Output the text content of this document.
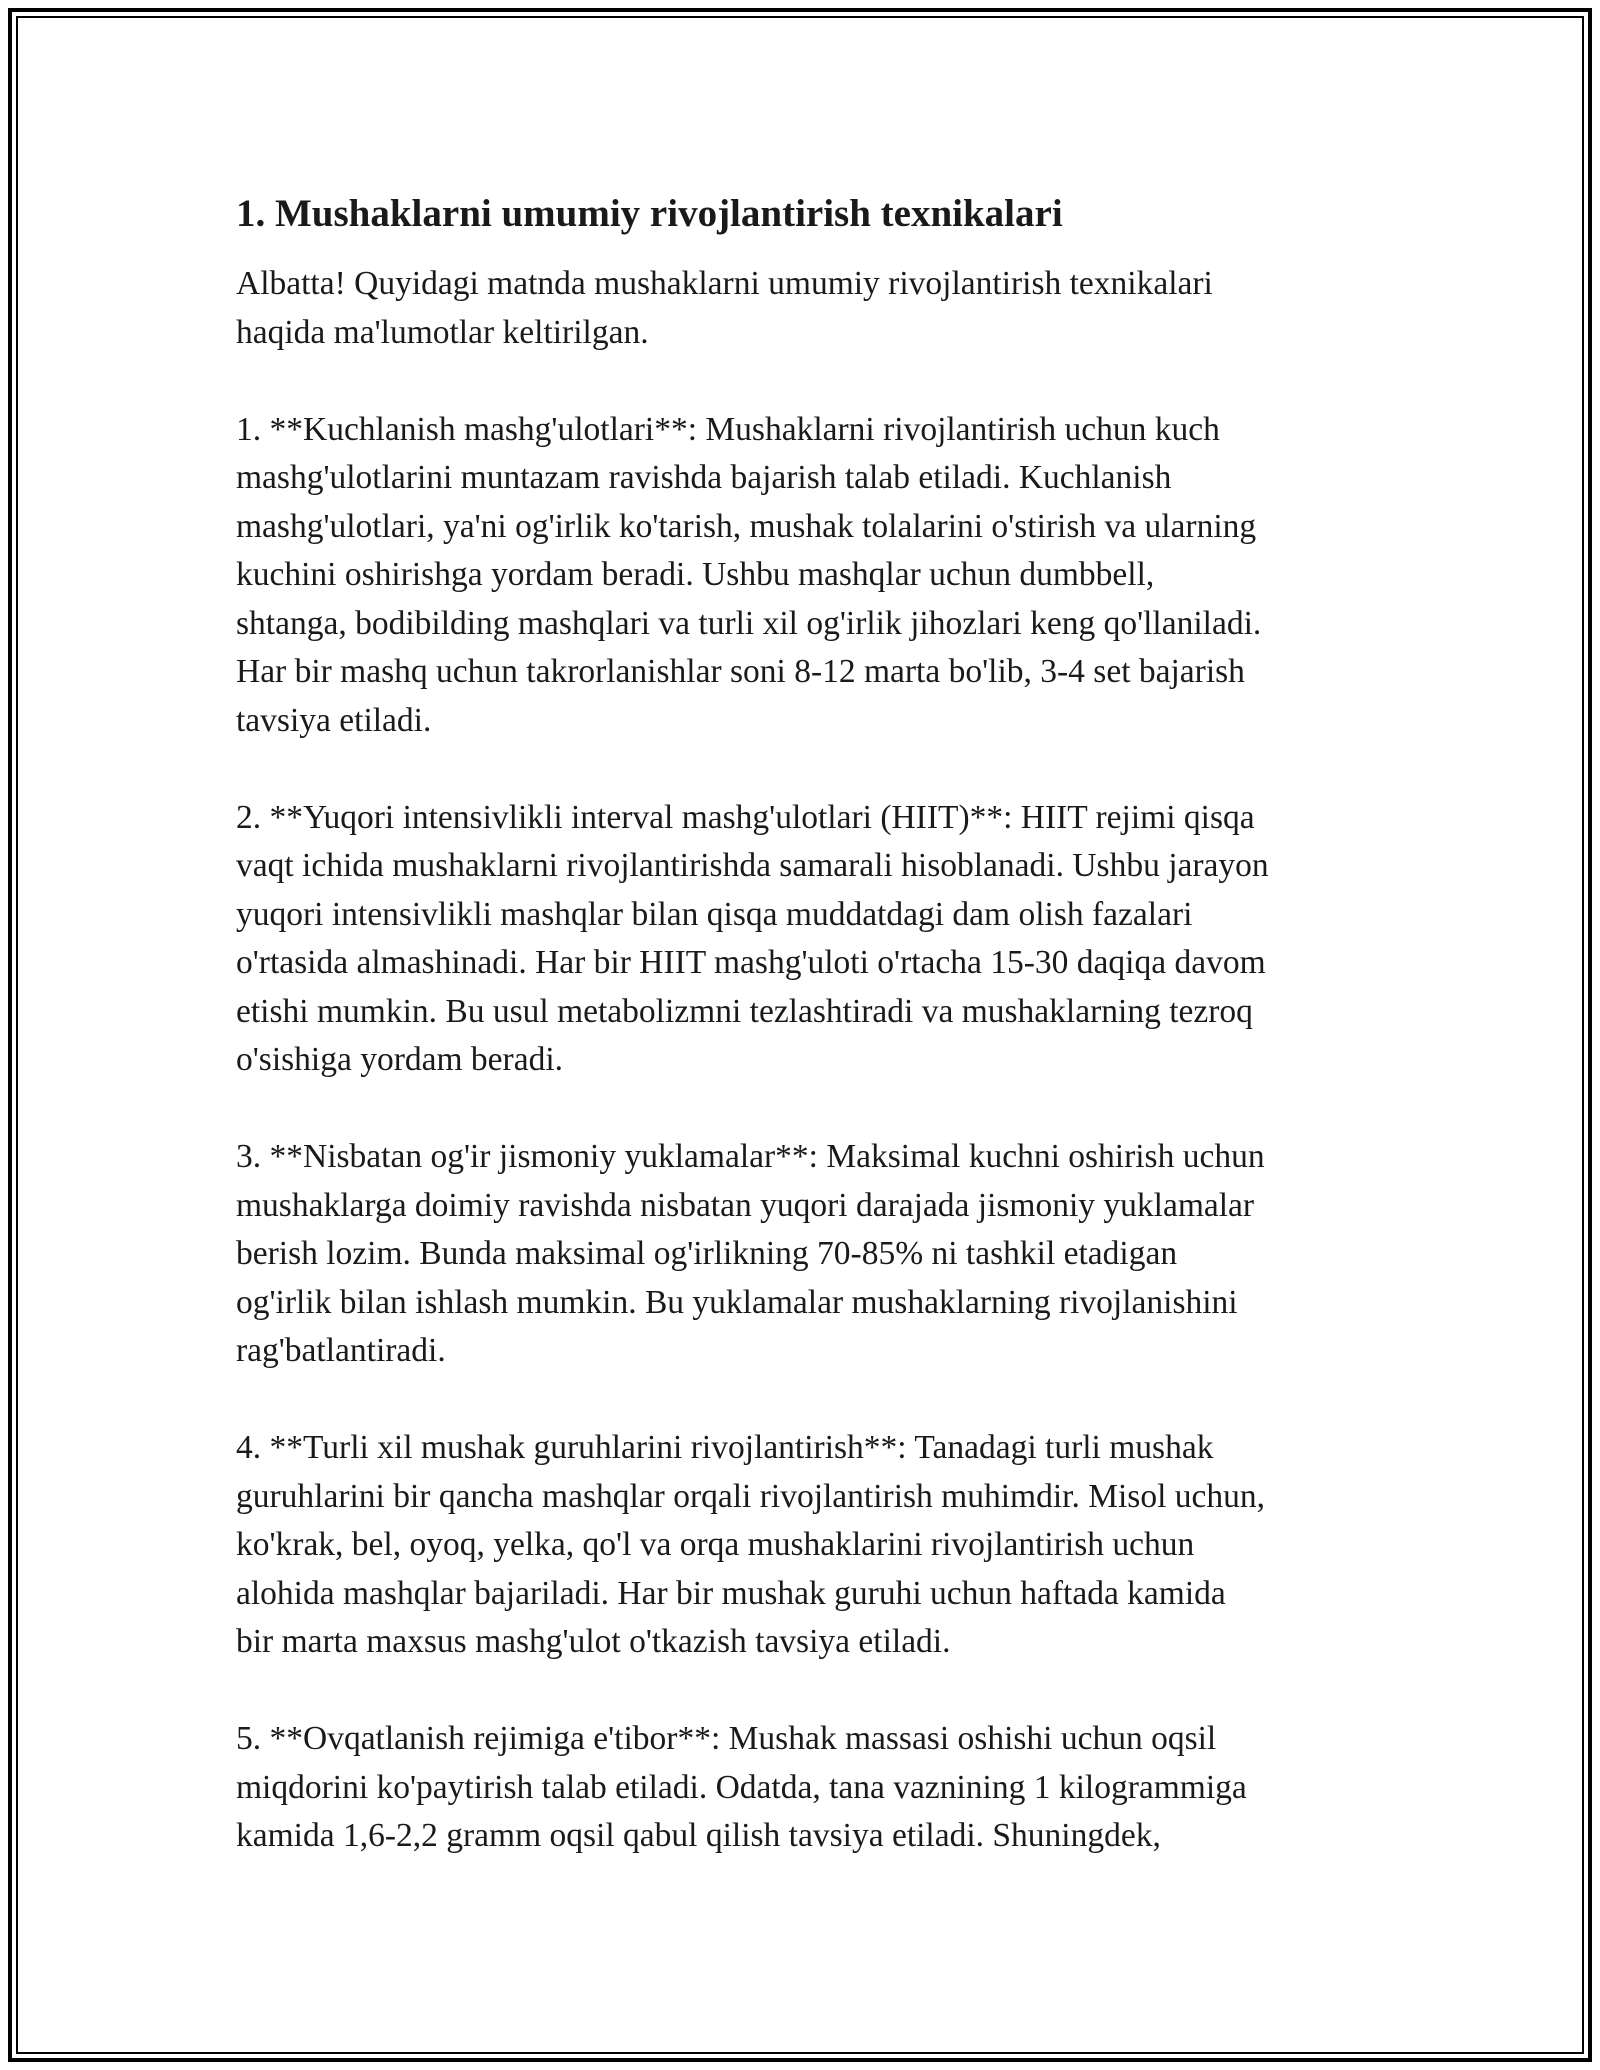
1. Mushaklarni umumiy rivojlantirish texnikalari
Albatta! Quyidagi matnda mushaklarni umumiy rivojlantirish texnikalari
haqida ma'lumotlar keltirilgan.
1. **Kuchlanish mashg'ulotlari**: Mushaklarni rivojlantirish uchun kuch
mashg'ulotlarini muntazam ravishda bajarish talab etiladi. Kuchlanish
mashg'ulotlari, ya'ni og'irlik ko'tarish, mushak tolalarini o'stirish va ularning
kuchini oshirishga yordam beradi. Ushbu mashqlar uchun dumbbell,
shtanga, bodibilding mashqlari va turli xil og'irlik jihozlari keng qo'llaniladi.
Har bir mashq uchun takrorlanishlar soni 8-12 marta bo'lib, 3-4 set bajarish
tavsiya etiladi.
2. **Yuqori intensivlikli interval mashg'ulotlari (HIIT)**: HIIT rejimi qisqa
vaqt ichida mushaklarni rivojlantirishda samarali hisoblanadi. Ushbu jarayon
yuqori intensivlikli mashqlar bilan qisqa muddatdagi dam olish fazalari
o'rtasida almashinadi. Har bir HIIT mashg'uloti o'rtacha 15-30 daqiqa davom
etishi mumkin. Bu usul metabolizmni tezlashtiradi va mushaklarning tezroq
o'sishiga yordam beradi.
3. **Nisbatan og'ir jismoniy yuklamalar**: Maksimal kuchni oshirish uchun
mushaklarga doimiy ravishda nisbatan yuqori darajada jismoniy yuklamalar
berish lozim. Bunda maksimal og'irlikning 70-85% ni tashkil etadigan
og'irlik bilan ishlash mumkin. Bu yuklamalar mushaklarning rivojlanishini
rag'batlantiradi.
4. **Turli xil mushak guruhlarini rivojlantirish**: Tanadagi turli mushak
guruhlarini bir qancha mashqlar orqali rivojlantirish muhimdir. Misol uchun,
ko'krak, bel, oyoq, yelka, qo'l va orqa mushaklarini rivojlantirish uchun
alohida mashqlar bajariladi. Har bir mushak guruhi uchun haftada kamida
bir marta maxsus mashg'ulot o'tkazish tavsiya etiladi.
5. **Ovqatlanish rejimiga e'tibor**: Mushak massasi oshishi uchun oqsil
miqdorini ko'paytirish talab etiladi. Odatda, tana vaznining 1 kilogrammiga
kamida 1,6-2,2 gramm oqsil qabul qilish tavsiya etiladi. Shuningdek,
